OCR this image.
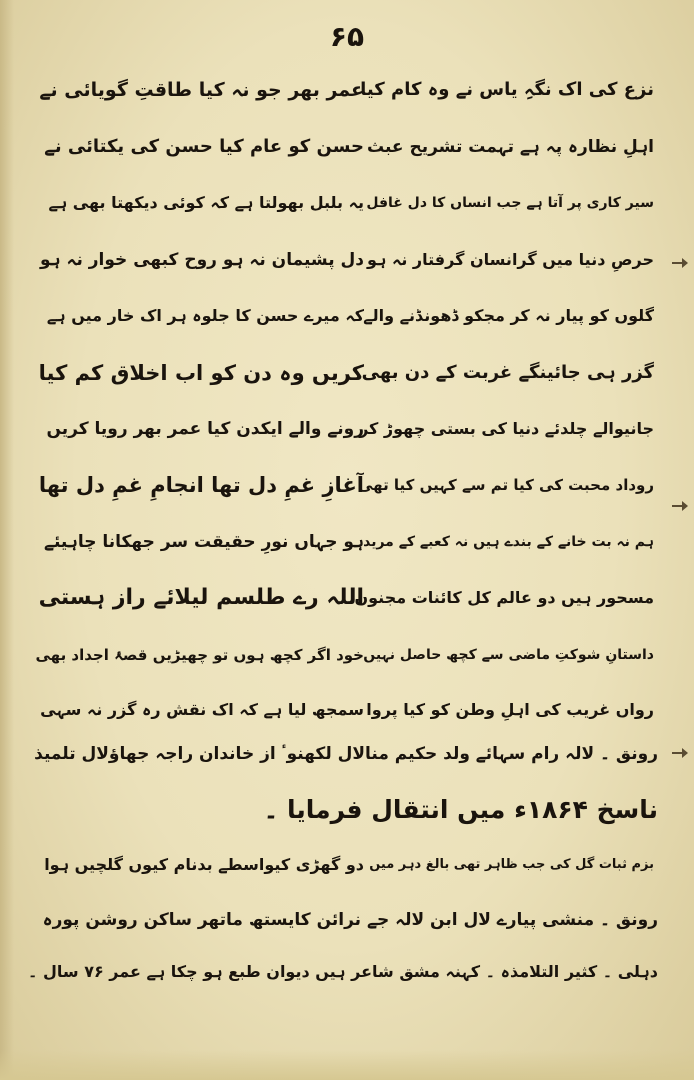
۶۵
نزع کی اک نگہِ یاس نے وہ کام کیا
عمر بھر جو نہ کیا طاقتِ گویائی نے
اہلِ نظارہ پہ ہے تہمت تشریح عبث
حسن کو عام کیا حسن کی یکتائی نے
سیر کاری پر آتا ہے جب انساں کا دل غافل
یہ بلبل بھولتا ہے کہ کوئی دیکھتا بھی ہے
حرصِ دنیا میں گرانسان گرفتار نہ ہو
دل پشیمان نہ ہو روح کبھی خوار نہ ہو
گلوں کو پیار نہ کر مجکو ڈھونڈنے والے
کہ میرے حسن کا جلوہ ہر اک خار میں ہے
گزر ہی جائینگے غربت کے دن بھی
کریں وہ دن کو اب اخلاق کم کیا
جانیوالے چلدئے دنیا کی بستی چھوڑ کر
رونے والے ایکدن کیا عمر بھر رویا کریں
روداد محبت کی کیا تم سے کہیں کیا تھی
آغازِ غمِ دل تھا انجامِ غمِ دل تھا
ہم نہ بت خانے کے بندے ہیں نہ کعبے کے مرید
ہو جہاں نورِ حقیقت سر جھکانا چاہیئے
مسحور ہیں دو عالم کل کائنات مجنوں
اللہ رے طلسم لیلائے راز ہستی
داستانِ شوکتِ ماضی سے کچھ حاصل نہیں
خود اگر کچھ ہوں تو چھیڑیں قصۂ اجداد بھی
رواں غریب کی اہلِ وطن کو کیا پروا
سمجھ لیا ہے کہ اک نقش رہ گزر نہ سہی
رونق ۔ لالہ رام سہائے ولد حکیم منالال لکھنوٴ از خاندان راجہ جھاؤلال تلمیذ
ناسخ ۱۸۶۴ء میں انتقال فرمایا ۔
بزم ثبات گل کی جب ظاہر تھی بالغ دہر میں
دو گھڑی کیواسطے بدنام کیوں گلچیں ہوا
رونق ۔ منشی پیارے لال ابن لالہ جے نرائن کایستھ ماتھر ساکن روشن پورہ
دہلی ۔ کثیر التلامذہ ۔ کہنہ مشق شاعر ہیں دیوان طبع ہو چکا ہے عمر ۷۶ سال ۔
